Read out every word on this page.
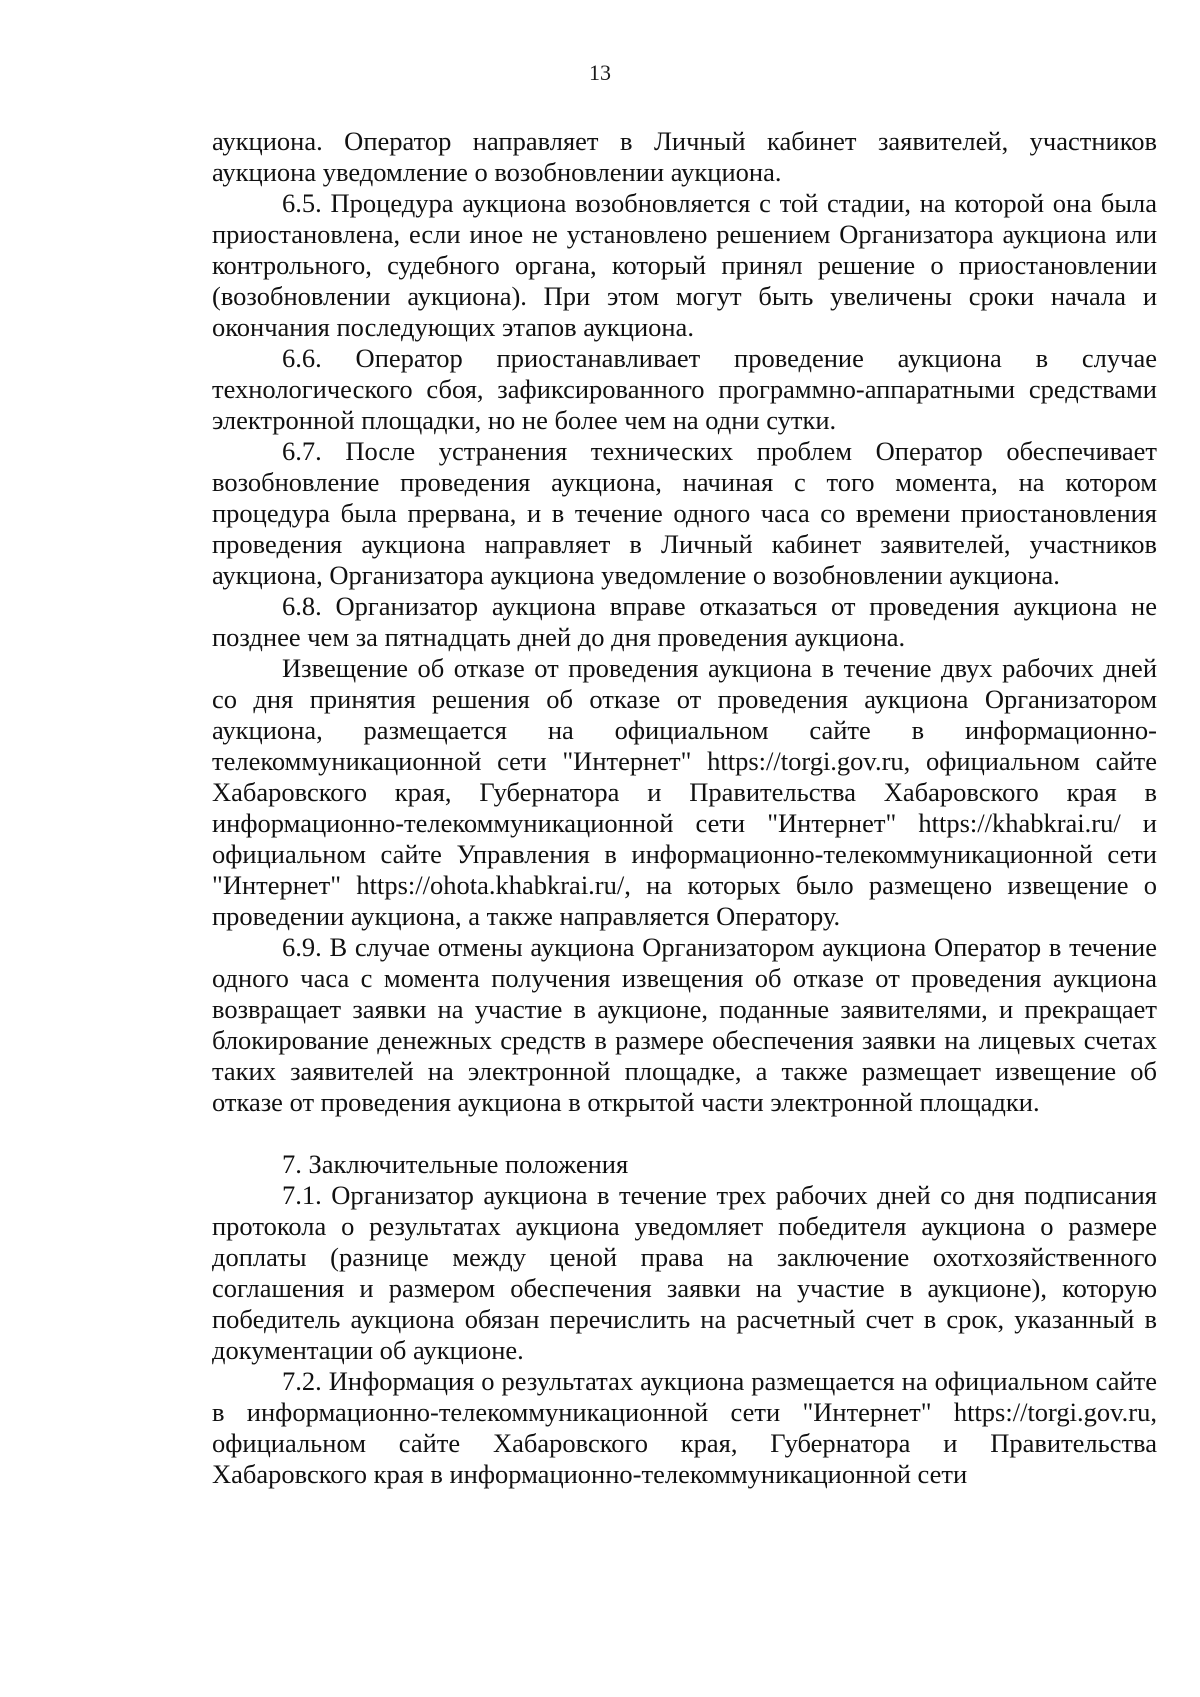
13

аукциона. Оператор направляет в Личный кабинет заявителей, участников аукциона уведомление о возобновлении аукциона.

6.5. Процедура аукциона возобновляется с той стадии, на которой она была приостановлена, если иное не установлено решением Организатора аукциона или контрольного, судебного органа, который принял решение о приостановлении (возобновлении аукциона). При этом могут быть увеличены сроки начала и окончания последующих этапов аукциона.

6.6. Оператор приостанавливает проведение аукциона в случае технологического сбоя, зафиксированного программно-аппаратными средствами электронной площадки, но не более чем на одни сутки.

6.7. После устранения технических проблем Оператор обеспечивает возобновление проведения аукциона, начиная с того момента, на котором процедура была прервана, и в течение одного часа со времени приостановления проведения аукциона направляет в Личный кабинет заявителей, участников аукциона, Организатора аукциона уведомление о возобновлении аукциона.

6.8. Организатор аукциона вправе отказаться от проведения аукциона не позднее чем за пятнадцать дней до дня проведения аукциона.

Извещение об отказе от проведения аукциона в течение двух рабочих дней со дня принятия решения об отказе от проведения аукциона Организатором аукциона, размещается на официальном сайте в информационно-телекоммуникационной сети "Интернет" https://torgi.gov.ru, официальном сайте Хабаровского края, Губернатора и Правительства Хабаровского края в информационно-телекоммуникационной сети "Интернет" https://khabkrai.ru/ и официальном сайте Управления в информационно-телекоммуникационной сети "Интернет" https://ohota.khabkrai.ru/, на которых было размещено извещение о проведении аукциона, а также направляется Оператору.

6.9. В случае отмены аукциона Организатором аукциона Оператор в течение одного часа с момента получения извещения об отказе от проведения аукциона возвращает заявки на участие в аукционе, поданные заявителями, и прекращает блокирование денежных средств в размере обеспечения заявки на лицевых счетах таких заявителей на электронной площадке, а также размещает извещение об отказе от проведения аукциона в открытой части электронной площадки.

7. Заключительные положения

7.1. Организатор аукциона в течение трех рабочих дней со дня подписания протокола о результатах аукциона уведомляет победителя аукциона о размере доплаты (разнице между ценой права на заключение охотхозяйственного соглашения и размером обеспечения заявки на участие в аукционе), которую победитель аукциона обязан перечислить на расчетный счет в срок, указанный в документации об аукционе.

7.2. Информация о результатах аукциона размещается на официальном сайте в информационно-телекоммуникационной сети "Интернет" https://torgi.gov.ru, официальном сайте Хабаровского края, Губернатора и Правительства Хабаровского края в информационно-телекоммуникационной сети
